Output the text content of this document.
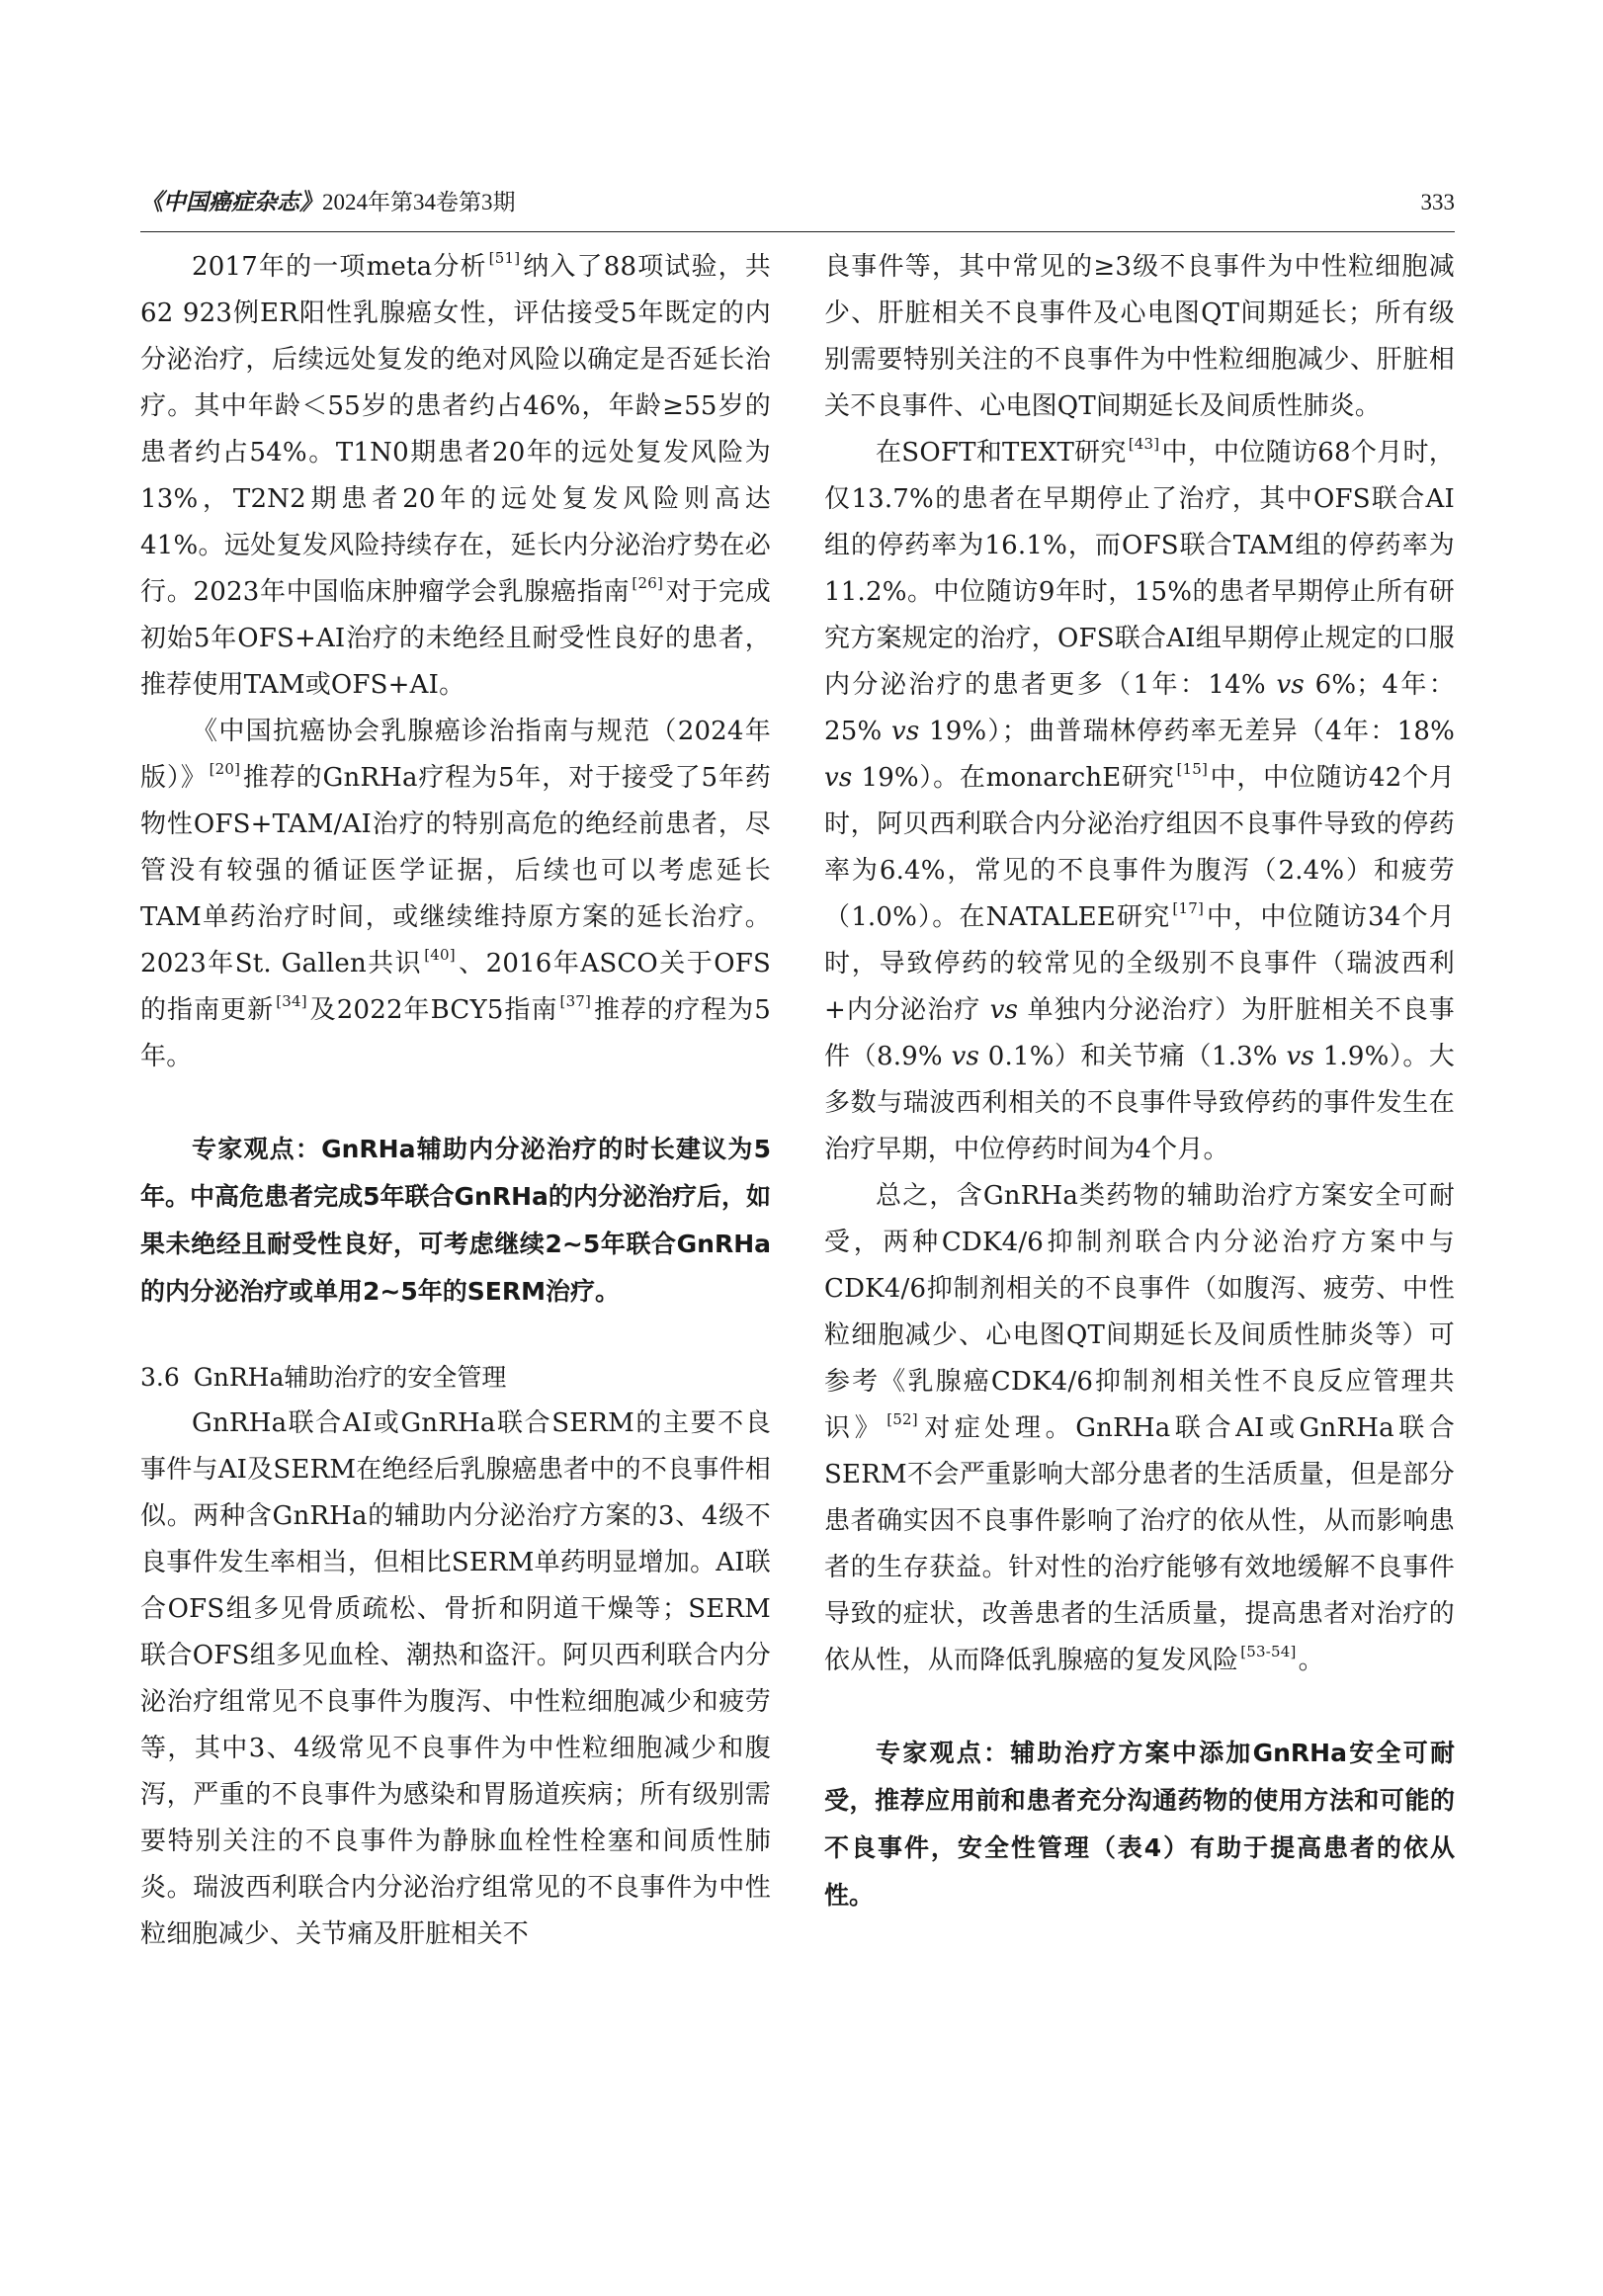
《中国癌症杂志》2024年第34卷第3期	333

2017年的一项meta分析 [51]纳入了88项试验，共62 923例ER阳性乳腺癌女性，评估接受5年既定的内分泌治疗，后续远处复发的绝对风险以确定是否延长治疗。其中年龄＜55岁的患者约占46%，年龄≥55岁的患者约占54%。T1N0期患者20年的远处复发风险为13%，T2N2期患者20年的远处复发风险则高达41%。远处复发风险持续存在，延长内分泌治疗势在必行。2023年中国临床肿瘤学会乳腺癌指南 [26]对于完成初始5年OFS+AI治疗的未绝经且耐受性良好的患者，推荐使用TAM或OFS+AI。

《中国抗癌协会乳腺癌诊治指南与规范（2024年版）》 [20]推荐的GnRHa疗程为5年，对于接受了5年药物性OFS+TAM/AI治疗的特别高危的绝经前患者，尽管没有较强的循证医学证据，后续也可以考虑延长TAM单药治疗时间，或继续维持原方案的延长治疗。2023年St. Gallen共识 [40]、2016年ASCO关于OFS的指南更新 [34]及2022年BCY5指南 [37]推荐的疗程为5年。

专家观点：GnRHa辅助内分泌治疗的时长建议为5年。中高危患者完成5年联合GnRHa的内分泌治疗后，如果未绝经且耐受性良好，可考虑继续2~5年联合GnRHa的内分泌治疗或单用2~5年的SERM治疗。

3.6 GnRHa辅助治疗的安全管理

GnRHa联合AI或GnRHa联合SERM的主要不良事件与AI及SERM在绝经后乳腺癌患者中的不良事件相似。两种含GnRHa的辅助内分泌治疗方案的3、4级不良事件发生率相当，但相比SERM单药明显增加。AI联合OFS组多见骨质疏松、骨折和阴道干燥等；SERM联合OFS组多见血栓、潮热和盗汗。阿贝西利联合内分泌治疗组常见不良事件为腹泻、中性粒细胞减少和疲劳等，其中3、4级常见不良事件为中性粒细胞减少和腹泻，严重的不良事件为感染和胃肠道疾病；所有级别需要特别关注的不良事件为静脉血栓性栓塞和间质性肺炎。瑞波西利联合内分泌治疗组常见的不良事件为中性粒细胞减少、关节痛及肝脏相关不

良事件等，其中常见的≥3级不良事件为中性粒细胞减少、肝脏相关不良事件及心电图QT间期延长；所有级别需要特别关注的不良事件为中性粒细胞减少、肝脏相关不良事件、心电图QT间期延长及间质性肺炎。

在SOFT和TEXT研究 [43]中，中位随访68个月时，仅13.7%的患者在早期停止了治疗，其中OFS联合AI组的停药率为16.1%，而OFS联合TAM组的停药率为11.2%。中位随访9年时，15%的患者早期停止所有研究方案规定的治疗，OFS联合AI组早期停止规定的口服内分泌治疗的患者更多（1年：14% vs 6%；4年：25% vs 19%）；曲普瑞林停药率无差异（4年：18% vs 19%）。在monarchE研究 [15]中，中位随访42个月时，阿贝西利联合内分泌治疗组因不良事件导致的停药率为6.4%，常见的不良事件为腹泻（2.4%）和疲劳（1.0%）。在NATALEE研究 [17]中，中位随访34个月时，导致停药的较常见的全级别不良事件（瑞波西利+内分泌治疗 vs 单独内分泌治疗）为肝脏相关不良事件（8.9% vs 0.1%）和关节痛（1.3% vs 1.9%）。大多数与瑞波西利相关的不良事件导致停药的事件发生在治疗早期，中位停药时间为4个月。

总之，含GnRHa类药物的辅助治疗方案安全可耐受，两种CDK4/6抑制剂联合内分泌治疗方案中与CDK4/6抑制剂相关的不良事件（如腹泻、疲劳、中性粒细胞减少、心电图QT间期延长及间质性肺炎等）可参考《乳腺癌CDK4/6抑制剂相关性不良反应管理共识》 [52]对症处理。GnRHa联合AI或GnRHa联合SERM不会严重影响大部分患者的生活质量，但是部分患者确实因不良事件影响了治疗的依从性，从而影响患者的生存获益。针对性的治疗能够有效地缓解不良事件导致的症状，改善患者的生活质量，提高患者对治疗的依从性，从而降低乳腺癌的复发风险 [53-54]。

专家观点：辅助治疗方案中添加GnRHa安全可耐受，推荐应用前和患者充分沟通药物的使用方法和可能的不良事件，安全性管理（表4）有助于提高患者的依从性。
